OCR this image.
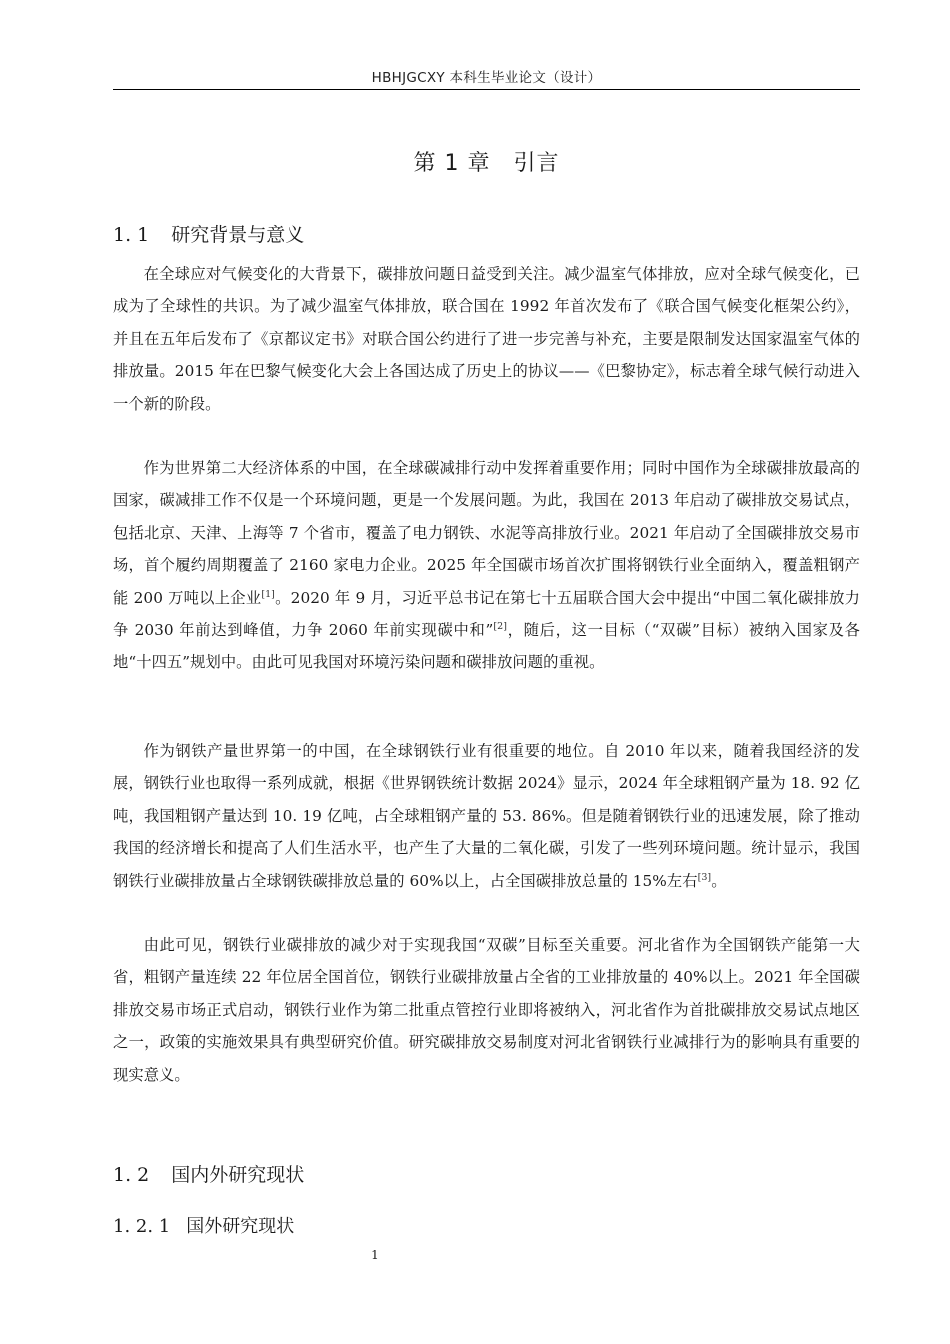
HBHJGCXY 本科生毕业论文（设计）
第 1 章　引言
1. 1 研究背景与意义

在全球应对气候变化的大背景下，碳排放问题日益受到关注。减少温室气体排放，应对全球气候变化，已成为了全球性的共识。为了减少温室气体排放，联合国在 1992 年首次发布了《联合国气候变化框架公约》，并且在五年后发布了《京都议定书》对联合国公约进行了进一步完善与补充，主要是限制发达国家温室气体的排放量。2015 年在巴黎气候变化大会上各国达成了历史上的协议——《巴黎协定》，标志着全球气候行动进入一个新的阶段。

作为世界第二大经济体系的中国，在全球碳减排行动中发挥着重要作用；同时中国作为全球碳排放最高的国家，碳减排工作不仅是一个环境问题，更是一个发展问题。为此，我国在 2013 年启动了碳排放交易试点，包括北京、天津、上海等 7 个省市，覆盖了电力钢铁、水泥等高排放行业。2021 年启动了全国碳排放交易市场，首个履约周期覆盖了 2160 家电力企业。2025 年全国碳市场首次扩围将钢铁行业全面纳入，覆盖粗钢产能 200 万吨以上企业[1]。2020 年 9 月，习近平总书记在第七十五届联合国大会中提出“中国二氧化碳排放力争 2030 年前达到峰值，力争 2060 年前实现碳中和”[2]，随后，这一目标（“双碳”目标）被纳入国家及各地“十四五”规划中。由此可见我国对环境污染问题和碳排放问题的重视。

作为钢铁产量世界第一的中国，在全球钢铁行业有很重要的地位。自 2010 年以来，随着我国经济的发展，钢铁行业也取得一系列成就，根据《世界钢铁统计数据 2024》显示，2024 年全球粗钢产量为 18. 92 亿吨，我国粗钢产量达到 10. 19 亿吨，占全球粗钢产量的 53. 86%。但是随着钢铁行业的迅速发展，除了推动我国的经济增长和提高了人们生活水平，也产生了大量的二氧化碳，引发了一些列环境问题。统计显示，我国钢铁行业碳排放量占全球钢铁碳排放总量的 60%以上，占全国碳排放总量的 15%左右[3]。

由此可见，钢铁行业碳排放的减少对于实现我国“双碳”目标至关重要。河北省作为全国钢铁产能第一大省，粗钢产量连续 22 年位居全国首位，钢铁行业碳排放量占全省的工业排放量的 40%以上。2021 年全国碳排放交易市场正式启动，钢铁行业作为第二批重点管控行业即将被纳入，河北省作为首批碳排放交易试点地区之一，政策的实施效果具有典型研究价值。研究碳排放交易制度对河北省钢铁行业减排行为的影响具有重要的现实意义。

1. 2 国内外研究现状
1. 2. 1 国外研究现状
1
